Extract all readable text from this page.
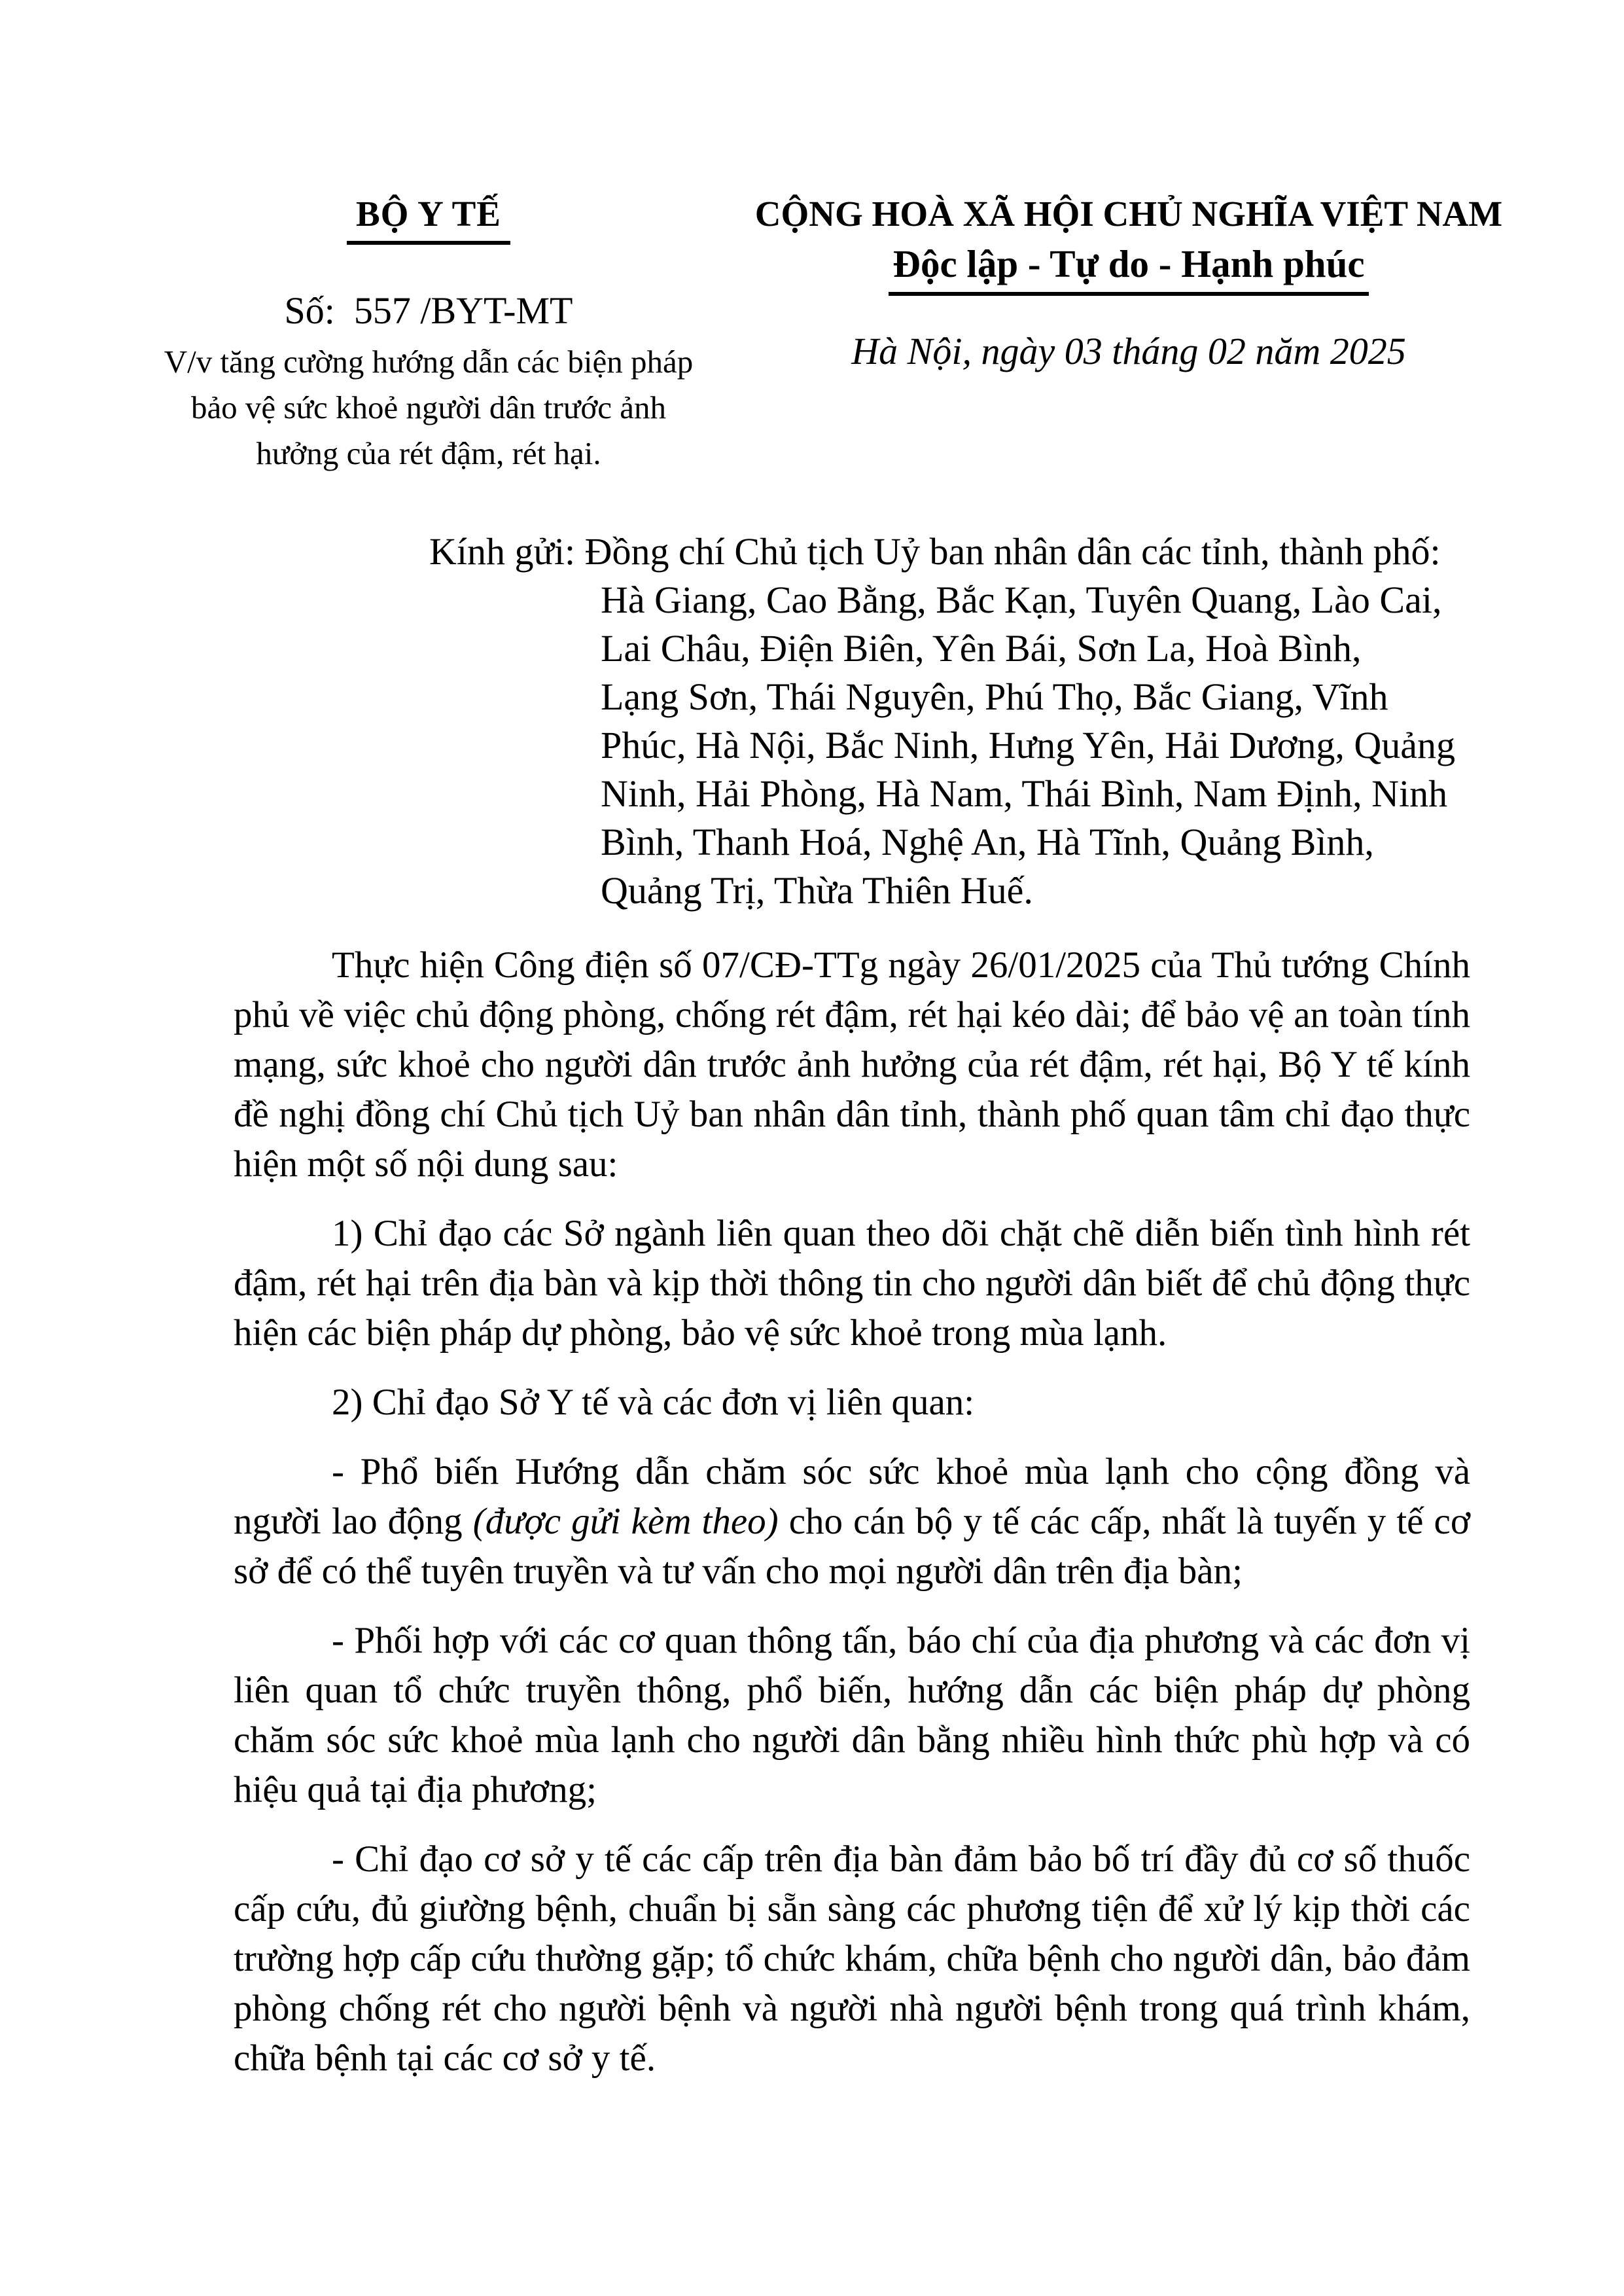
BỘ Y TẾ
Số:  557 /BYT-MT
V/v tăng cường hướng dẫn các biện pháp
bảo vệ sức khoẻ người dân trước ảnh
hưởng của rét đậm, rét hại.
CỘNG HOÀ XÃ HỘI CHỦ NGHĨA VIỆT NAM
Độc lập - Tự do - Hạnh phúc
Hà Nội, ngày 03 tháng 02 năm 2025
Kính gửi: Đồng chí Chủ tịch Uỷ ban nhân dân các tỉnh, thành phố:
Hà Giang, Cao Bằng, Bắc Kạn, Tuyên Quang, Lào Cai,
Lai Châu, Điện Biên, Yên Bái, Sơn La, Hoà Bình,
Lạng Sơn, Thái Nguyên, Phú Thọ, Bắc Giang, Vĩnh
Phúc, Hà Nội, Bắc Ninh, Hưng Yên, Hải Dương, Quảng
Ninh, Hải Phòng, Hà Nam, Thái Bình, Nam Định, Ninh
Bình, Thanh Hoá, Nghệ An, Hà Tĩnh, Quảng Bình,
Quảng Trị, Thừa Thiên Huế.

Thực hiện Công điện số 07/CĐ-TTg ngày 26/01/2025 của Thủ tướng Chính phủ về việc chủ động phòng, chống rét đậm, rét hại kéo dài; để bảo vệ an toàn tính mạng, sức khoẻ cho người dân trước ảnh hưởng của rét đậm, rét hại, Bộ Y tế kính đề nghị đồng chí Chủ tịch Uỷ ban nhân dân tỉnh, thành phố quan tâm chỉ đạo thực hiện một số nội dung sau:

1) Chỉ đạo các Sở ngành liên quan theo dõi chặt chẽ diễn biến tình hình rét đậm, rét hại trên địa bàn và kịp thời thông tin cho người dân biết để chủ động thực hiện các biện pháp dự phòng, bảo vệ sức khoẻ trong mùa lạnh.

2) Chỉ đạo Sở Y tế và các đơn vị liên quan:

- Phổ biến Hướng dẫn chăm sóc sức khoẻ mùa lạnh cho cộng đồng và người lao động (được gửi kèm theo) cho cán bộ y tế các cấp, nhất là tuyến y tế cơ sở để có thể tuyên truyền và tư vấn cho mọi người dân trên địa bàn;

- Phối hợp với các cơ quan thông tấn, báo chí của địa phương và các đơn vị liên quan tổ chức truyền thông, phổ biến, hướng dẫn các biện pháp dự phòng chăm sóc sức khoẻ mùa lạnh cho người dân bằng nhiều hình thức phù hợp và có hiệu quả tại địa phương;

- Chỉ đạo cơ sở y tế các cấp trên địa bàn đảm bảo bố trí đầy đủ cơ số thuốc cấp cứu, đủ giường bệnh, chuẩn bị sẵn sàng các phương tiện để xử lý kịp thời các trường hợp cấp cứu thường gặp; tổ chức khám, chữa bệnh cho người dân, bảo đảm phòng chống rét cho người bệnh và người nhà người bệnh trong quá trình khám, chữa bệnh tại các cơ sở y tế.
